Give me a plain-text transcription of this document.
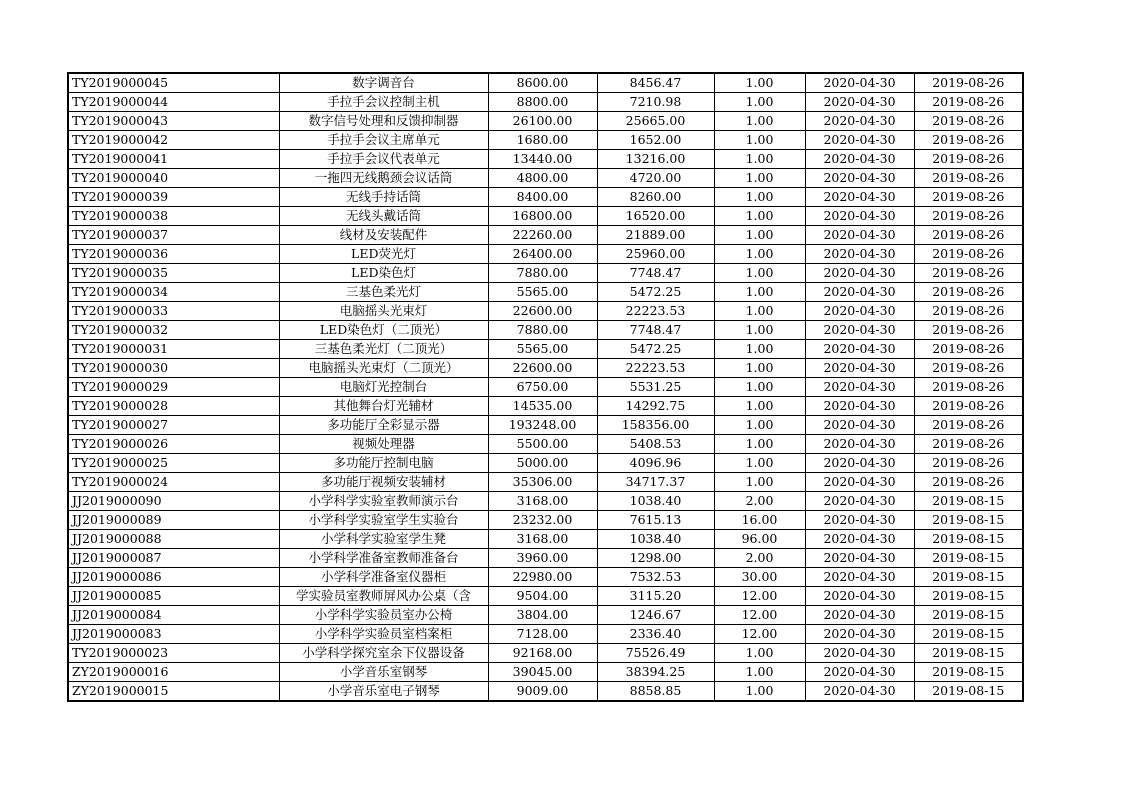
TY2019000045	数字调音台	8600.00	8456.47	1.00	2020-04-30	2019-08-26
TY2019000044	手拉手会议控制主机	8800.00	7210.98	1.00	2020-04-30	2019-08-26
TY2019000043	数字信号处理和反馈抑制器	26100.00	25665.00	1.00	2020-04-30	2019-08-26
TY2019000042	手拉手会议主席单元	1680.00	1652.00	1.00	2020-04-30	2019-08-26
TY2019000041	手拉手会议代表单元	13440.00	13216.00	1.00	2020-04-30	2019-08-26
TY2019000040	一拖四无线鹅颈会议话筒	4800.00	4720.00	1.00	2020-04-30	2019-08-26
TY2019000039	无线手持话筒	8400.00	8260.00	1.00	2020-04-30	2019-08-26
TY2019000038	无线头戴话筒	16800.00	16520.00	1.00	2020-04-30	2019-08-26
TY2019000037	线材及安装配件	22260.00	21889.00	1.00	2020-04-30	2019-08-26
TY2019000036	LED荧光灯	26400.00	25960.00	1.00	2020-04-30	2019-08-26
TY2019000035	LED染色灯	7880.00	7748.47	1.00	2020-04-30	2019-08-26
TY2019000034	三基色柔光灯	5565.00	5472.25	1.00	2020-04-30	2019-08-26
TY2019000033	电脑摇头光束灯	22600.00	22223.53	1.00	2020-04-30	2019-08-26
TY2019000032	LED染色灯（二顶光）	7880.00	7748.47	1.00	2020-04-30	2019-08-26
TY2019000031	三基色柔光灯（二顶光）	5565.00	5472.25	1.00	2020-04-30	2019-08-26
TY2019000030	电脑摇头光束灯（二顶光）	22600.00	22223.53	1.00	2020-04-30	2019-08-26
TY2019000029	电脑灯光控制台	6750.00	5531.25	1.00	2020-04-30	2019-08-26
TY2019000028	其他舞台灯光辅材	14535.00	14292.75	1.00	2020-04-30	2019-08-26
TY2019000027	多功能厅全彩显示器	193248.00	158356.00	1.00	2020-04-30	2019-08-26
TY2019000026	视频处理器	5500.00	5408.53	1.00	2020-04-30	2019-08-26
TY2019000025	多功能厅控制电脑	5000.00	4096.96	1.00	2020-04-30	2019-08-26
TY2019000024	多功能厅视频安装辅材	35306.00	34717.37	1.00	2020-04-30	2019-08-26
JJ2019000090	小学科学实验室教师演示台	3168.00	1038.40	2.00	2020-04-30	2019-08-15
JJ2019000089	小学科学实验室学生实验台	23232.00	7615.13	16.00	2020-04-30	2019-08-15
JJ2019000088	小学科学实验室学生凳	3168.00	1038.40	96.00	2020-04-30	2019-08-15
JJ2019000087	小学科学准备室教师准备台	3960.00	1298.00	2.00	2020-04-30	2019-08-15
JJ2019000086	小学科学准备室仪器柜	22980.00	7532.53	30.00	2020-04-30	2019-08-15
JJ2019000085	学实验员室教师屏风办公桌（含	9504.00	3115.20	12.00	2020-04-30	2019-08-15
JJ2019000084	小学科学实验员室办公椅	3804.00	1246.67	12.00	2020-04-30	2019-08-15
JJ2019000083	小学科学实验员室档案柜	7128.00	2336.40	12.00	2020-04-30	2019-08-15
TY2019000023	小学科学探究室余下仪器设备	92168.00	75526.49	1.00	2020-04-30	2019-08-15
ZY2019000016	小学音乐室钢琴	39045.00	38394.25	1.00	2020-04-30	2019-08-15
ZY2019000015	小学音乐室电子钢琴	9009.00	8858.85	1.00	2020-04-30	2019-08-15
